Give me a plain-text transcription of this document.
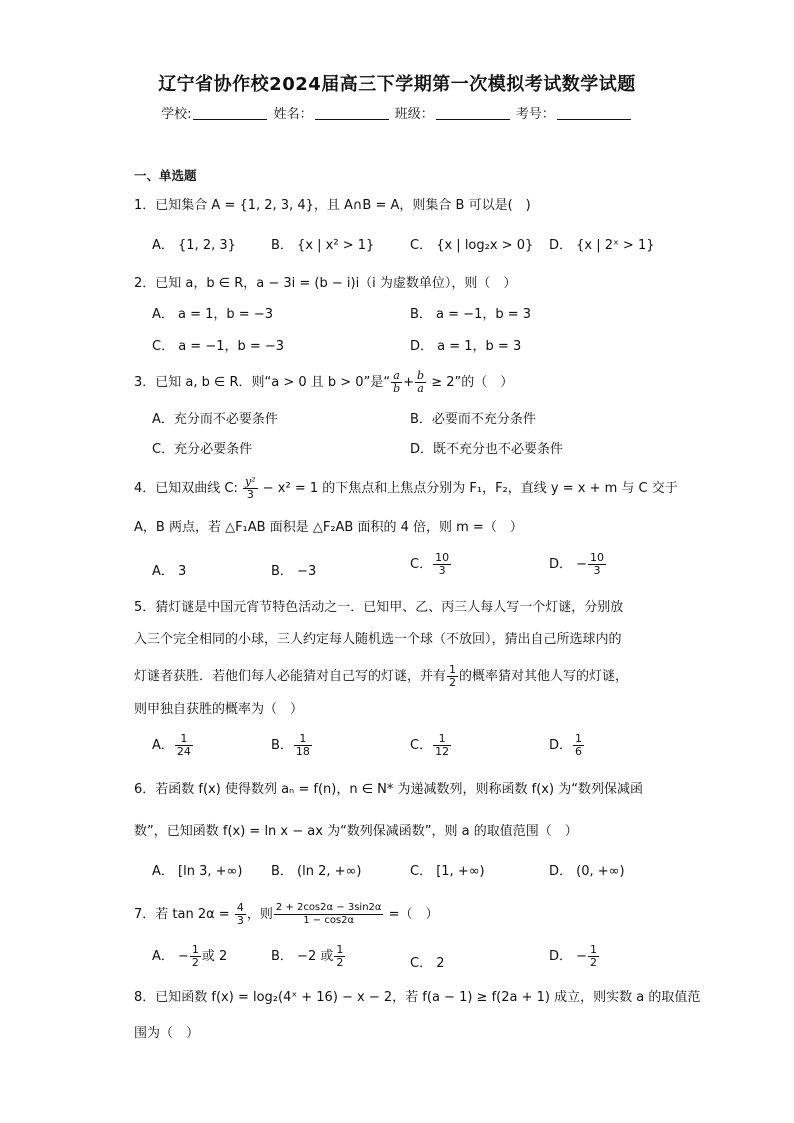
辽宁省协作校2024届高三下学期第一次模拟考试数学试题
学校:	姓名：	班级：	考号：
一、单选题
1．已知集合 A = {1, 2, 3, 4}，且 A∩B = A，则集合 B 可以是(　)
A． {1, 2, 3}	B． {x | x² > 1}	C． {x | log₂x > 0} D． {x | 2ˣ > 1}
2．已知 a，b ∈ R，a − 3i = (b − i)i（i 为虚数单位），则（　）
A． a = 1，b = −3	B． a = −1，b = 3
C． a = −1，b = −3	D． a = 1，b = 3
3．已知 a, b ∈ R．则“a > 0 且 b > 0”是“ $\frac{a}{b} + \frac{b}{a} \ge 2$”的（　）
A．充分而不必要条件	B．必要而不充分条件
C．充分必要条件	D．既不充分也不必要条件
4．已知双曲线 C: $\frac{\text{y²}}{3} - x^2 = 1$ 的下焦点和上焦点分别为 F₁，F₂，直线 y = x + m 与 C 交于
A，B 两点，若 △F₁AB 面积是 △F₂AB 面积的 4 倍，则 m =（　）
A． 3	B． −3	C． $\frac{10}{3}$	D． − $\frac{10}{3}$
5．猜灯谜是中国元宵节特色活动之一．已知甲、乙、丙三人每人写一个灯谜，分别放
入三个完全相同的小球，三人约定每人随机选一个球（不放回），猜出自己所选球内的
灯谜者获胜．若他们每人必能猜对自己写的灯谜，并有 $\frac{1}{2}$ 的概率猜对其他人写的灯谜，
则甲独自获胜的概率为（　）
A． $\frac{1}{24}$	B． $\frac{1}{18}$	C． $\frac{1}{12}$	D． $\frac{1}{6}$
6．若函数 f(x) 使得数列 aₙ = f(n)，n ∈ N* 为递减数列，则称函数 f(x) 为“数列保减函
数”，已知函数 f(x) = ln x − ax 为“数列保减函数”，则 a 的取值范围（　）
A． [ln 3, +∞) B． (ln 2, +∞)	C． [1, +∞)	D． (0, +∞)
7．若 $\tan 2\alpha = \frac{4}{3}$ ，则 $\frac{2 + 2\cos 2\alpha - 3\sin 2\alpha}{1 - \cos 2\alpha}$ =（　）
A． − $\frac{1}{2}$ 或 2	B． −2 或 $\frac{1}{2}$	C． 2	D． − $\frac{1}{2}$
8．已知函数 f(x) = log₂(4ˣ + 16) − x − 2，若 f(a − 1) ≥ f(2a + 1) 成立，则实数 a 的取值范
围为（　）
